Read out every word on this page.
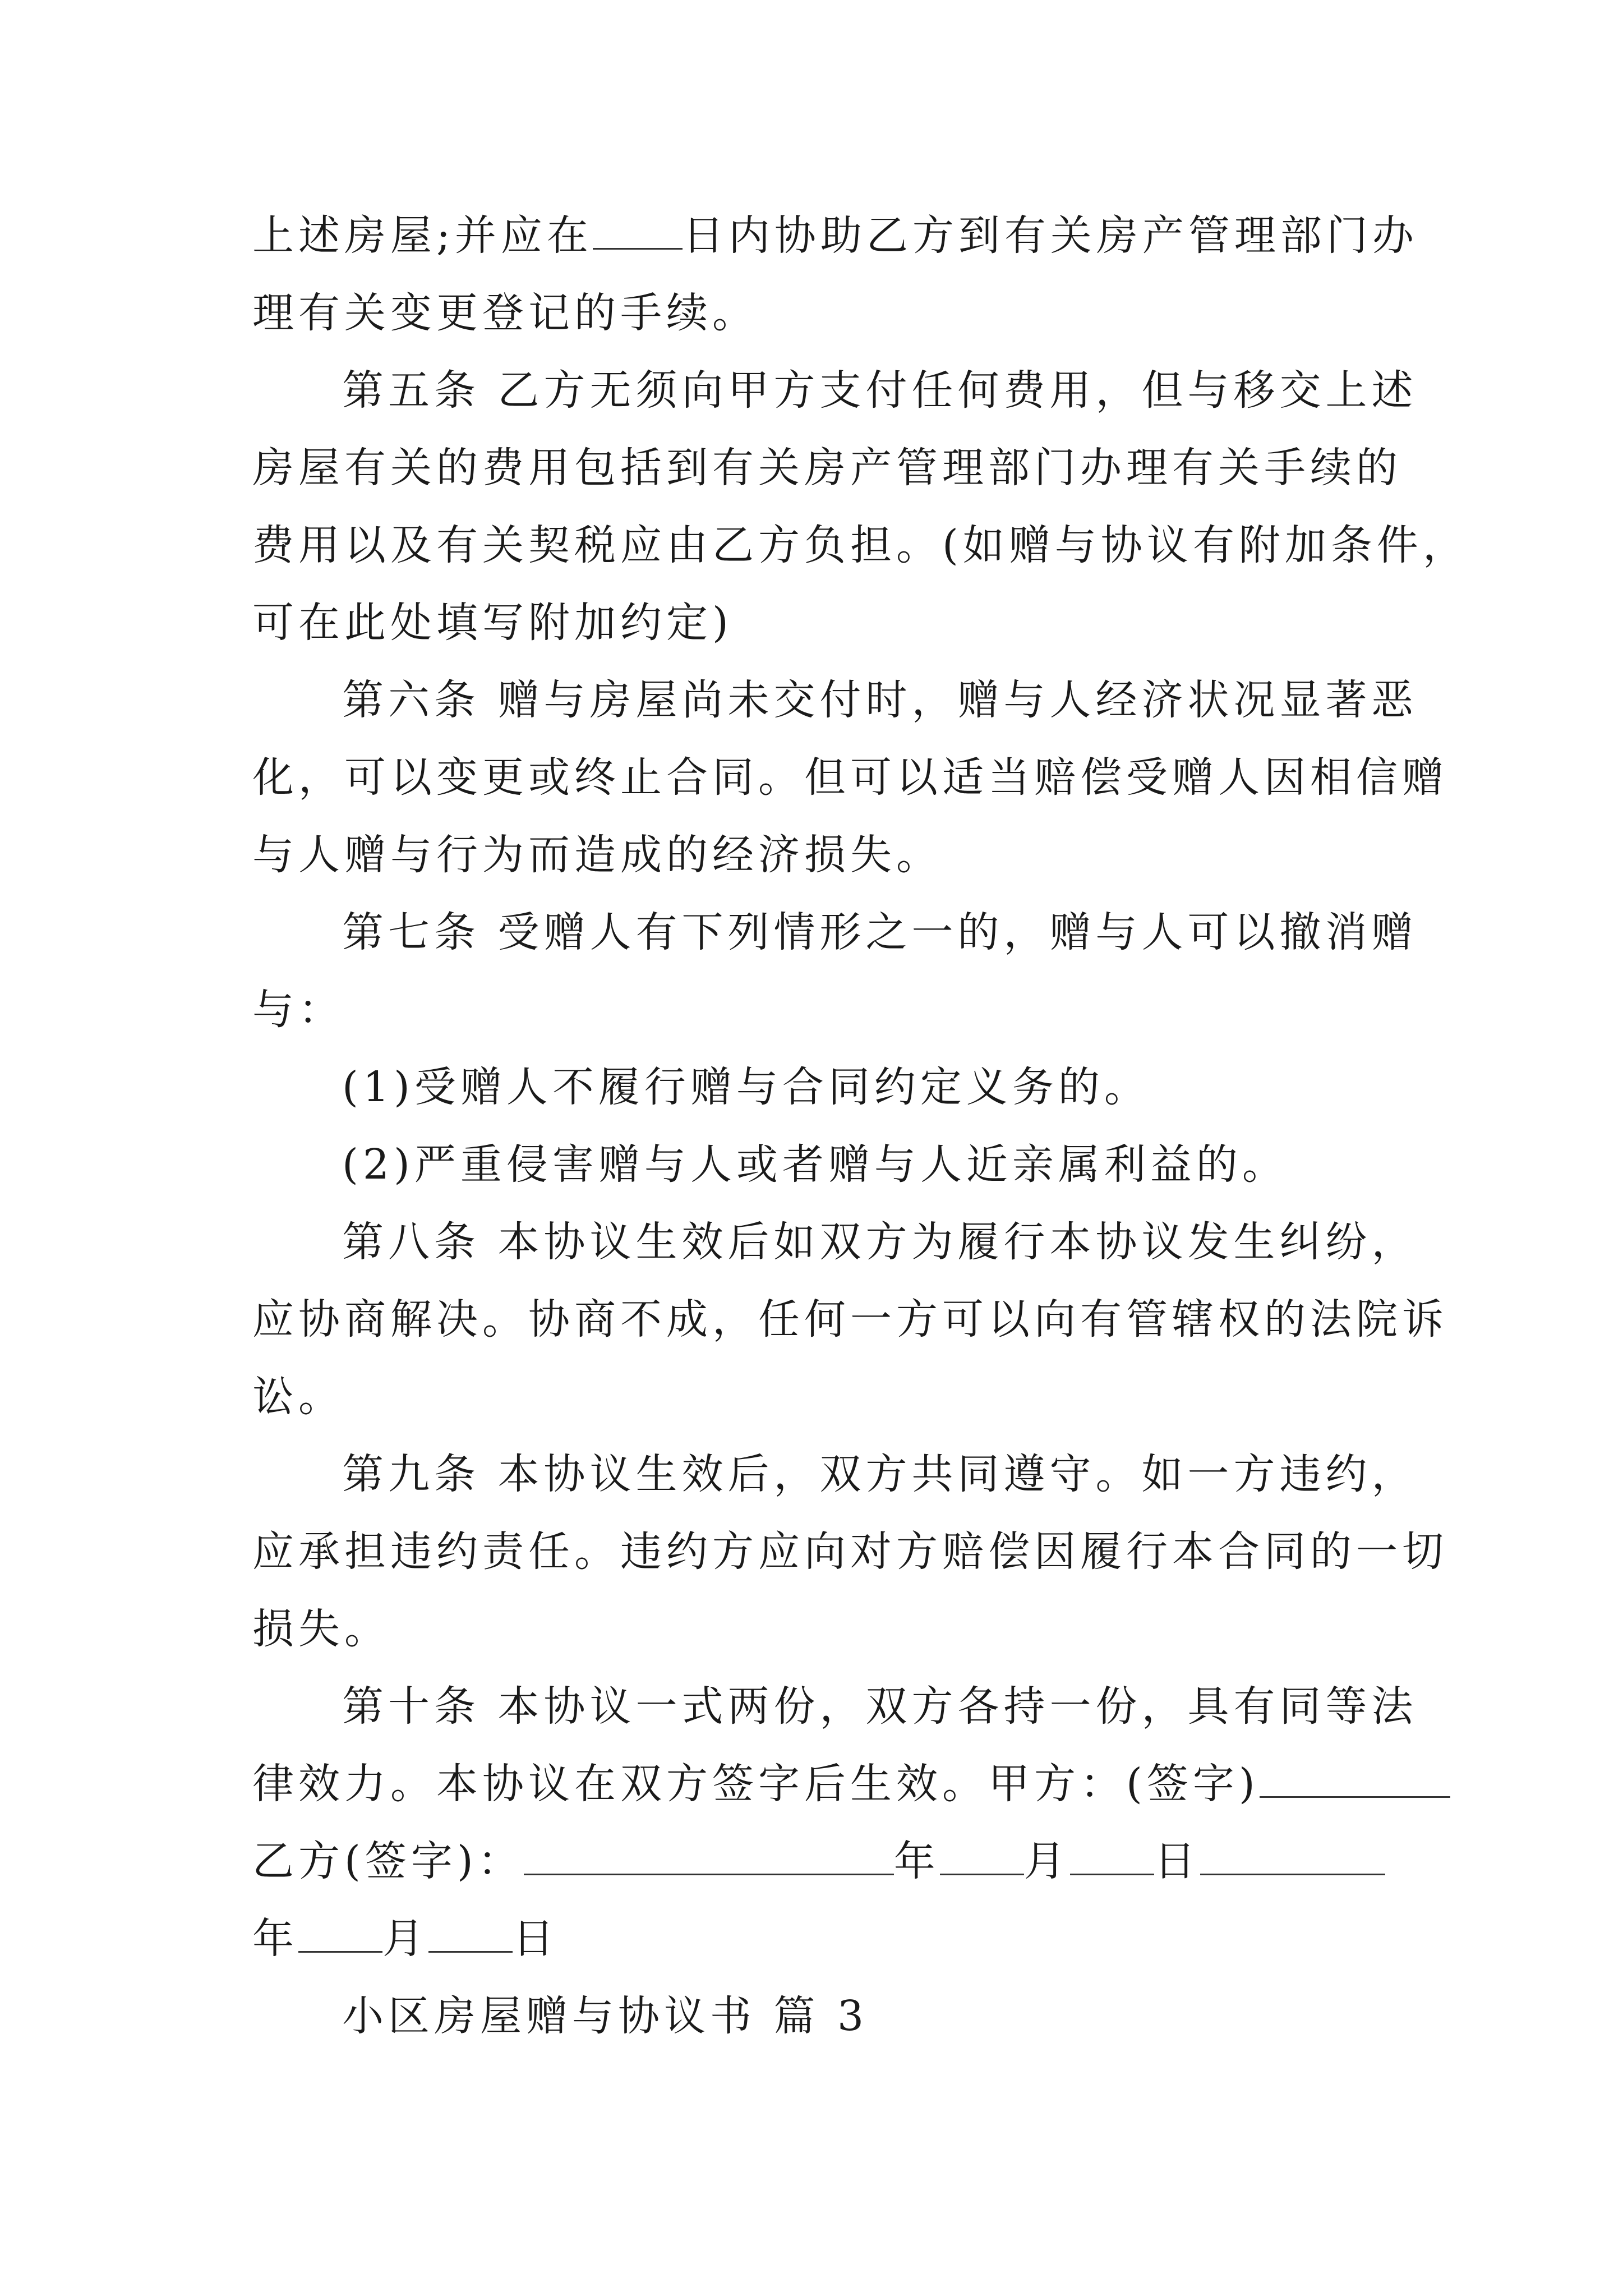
上述房屋;并应在 日内协助乙方到有关房产管理部门办
理有关变更登记的手续。
第五条 乙方无须向甲方支付任何费用，但与移交上述
房屋有关的费用包括到有关房产管理部门办理有关手续的
费用以及有关契税应由乙方负担。(如赠与协议有附加条件，
可在此处填写附加约定)
第六条 赠与房屋尚未交付时，赠与人经济状况显著恶
化，可以变更或终止合同。但可以适当赔偿受赠人因相信赠
与人赠与行为而造成的经济损失。
第七条 受赠人有下列情形之一的，赠与人可以撤消赠
与：
(1)受赠人不履行赠与合同约定义务的。
(2)严重侵害赠与人或者赠与人近亲属利益的。
第八条 本协议生效后如双方为履行本协议发生纠纷，
应协商解决。协商不成，任何一方可以向有管辖权的法院诉
讼。
第九条 本协议生效后，双方共同遵守。如一方违约，
应承担违约责任。违约方应向对方赔偿因履行本合同的一切
损失。
第十条 本协议一式两份，双方各持一份，具有同等法
律效力。本协议在双方签字后生效。甲方：(签字)
乙方(签字)：	年 月 日
年 月 日
小区房屋赠与协议书 篇 3
